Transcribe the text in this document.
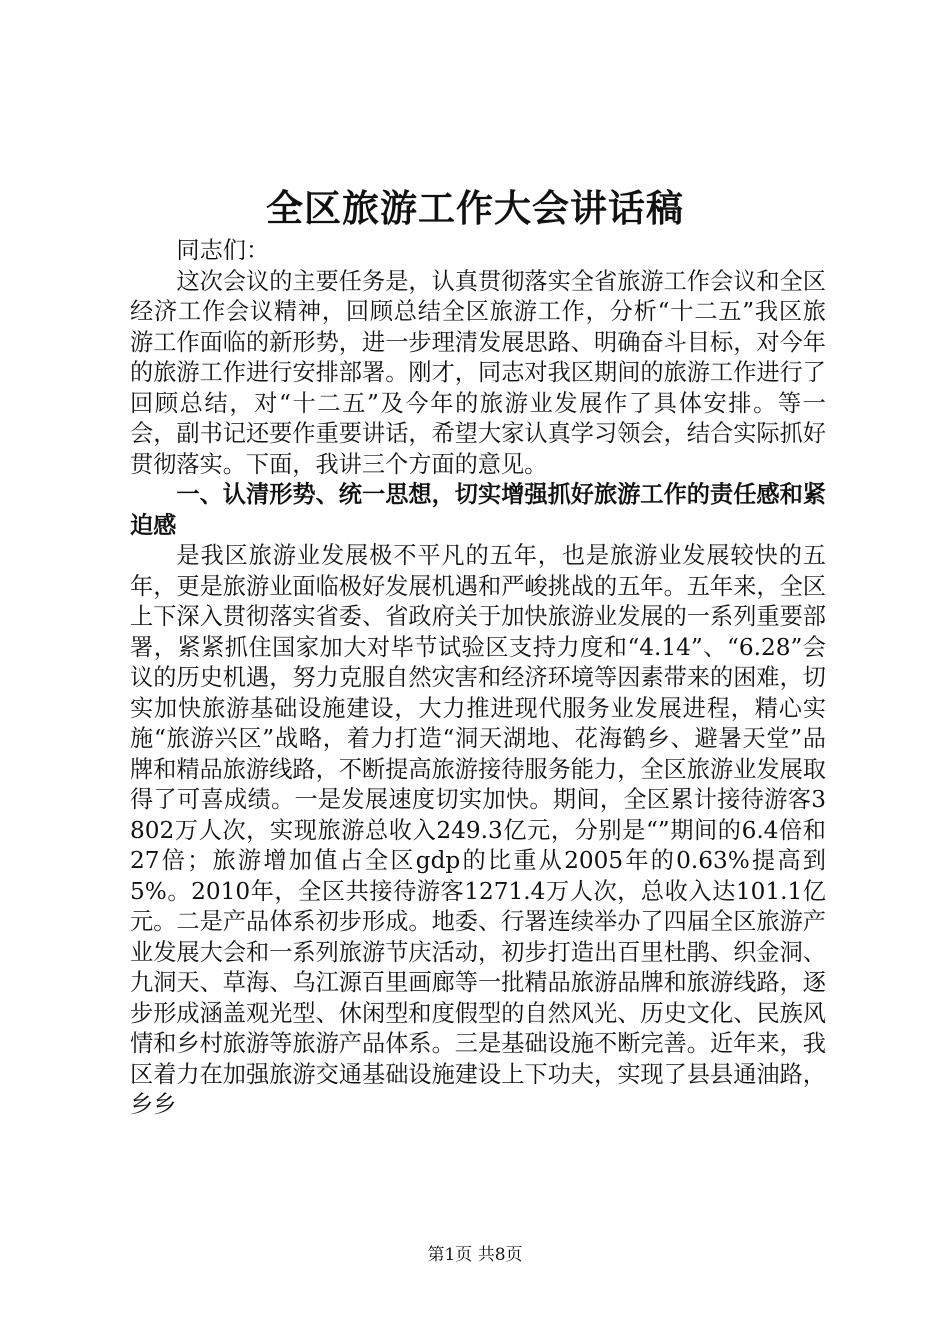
全区旅游工作大会讲话稿

同志们：

这次会议的主要任务是，认真贯彻落实全省旅游工作会议和全区经济工作会议精神，回顾总结全区旅游工作，分析“十二五”我区旅游工作面临的新形势，进一步理清发展思路、明确奋斗目标，对今年的旅游工作进行安排部署。刚才，同志对我区期间的旅游工作进行了回顾总结，对“十二五”及今年的旅游业发展作了具体安排。等一会，副书记还要作重要讲话，希望大家认真学习领会，结合实际抓好贯彻落实。下面，我讲三个方面的意见。

一、认清形势、统一思想，切实增强抓好旅游工作的责任感和紧迫感

是我区旅游业发展极不平凡的五年，也是旅游业发展较快的五年，更是旅游业面临极好发展机遇和严峻挑战的五年。五年来，全区上下深入贯彻落实省委、省政府关于加快旅游业发展的一系列重要部署，紧紧抓住国家加大对毕节试验区支持力度和“4.14”、“6.28”会议的历史机遇，努力克服自然灾害和经济环境等因素带来的困难，切实加快旅游基础设施建设，大力推进现代服务业发展进程，精心实施“旅游兴区”战略，着力打造“洞天湖地、花海鹤乡、避暑天堂”品牌和精品旅游线路，不断提高旅游接待服务能力，全区旅游业发展取得了可喜成绩。一是发展速度切实加快。期间，全区累计接待游客3802万人次，实现旅游总收入249.3亿元，分别是“”期间的6.4倍和27倍；旅游增加值占全区gdp的比重从2005年的0.63%提高到5%。2010年，全区共接待游客1271.4万人次，总收入达101.1亿元。二是产品体系初步形成。地委、行署连续举办了四届全区旅游产业发展大会和一系列旅游节庆活动，初步打造出百里杜鹃、织金洞、九洞天、草海、乌江源百里画廊等一批精品旅游品牌和旅游线路，逐步形成涵盖观光型、休闲型和度假型的自然风光、历史文化、民族风情和乡村旅游等旅游产品体系。三是基础设施不断完善。近年来，我区着力在加强旅游交通基础设施建设上下功夫，实现了县县通油路，乡乡

第1页 共8页
